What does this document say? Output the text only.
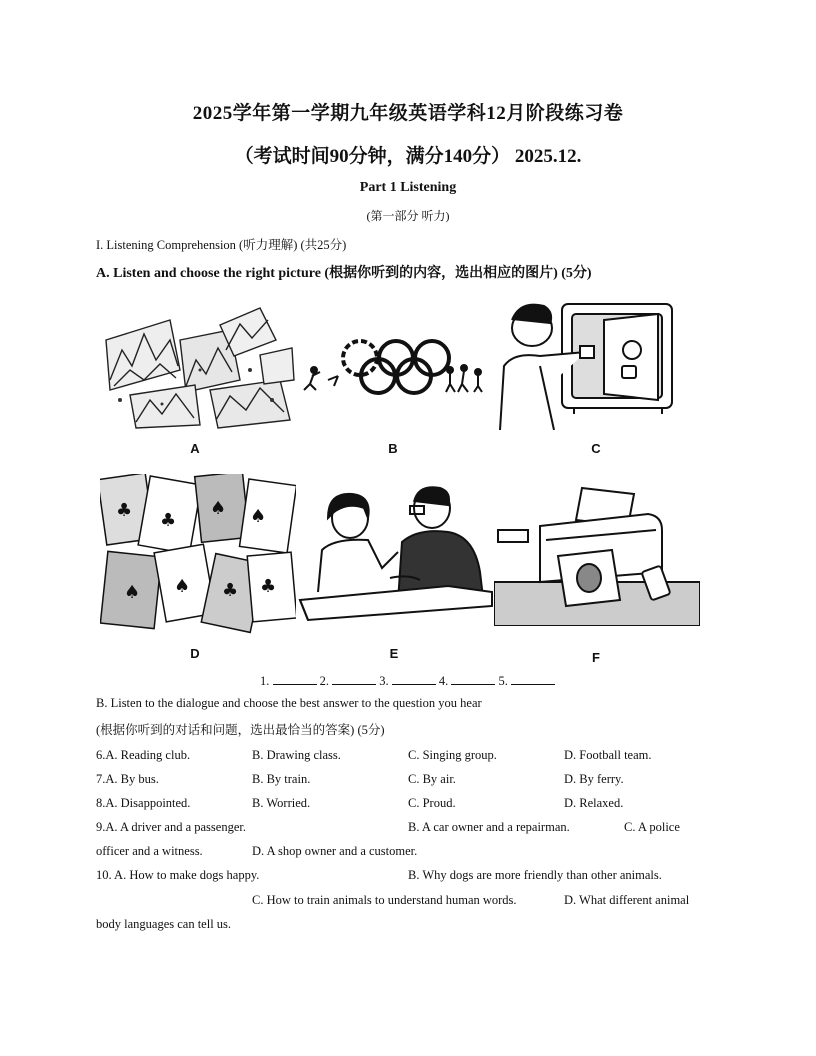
2025学年第一学期九年级英语学科12月阶段练习卷
（考试时间90分钟，满分140分） 2025.12.
Part 1 Listening
(第一部分 听力)
I. Listening Comprehension (听力理解) (共25分)
A. Listen and choose the right picture (根据你听到的内容，选出相应的图片) (5分)
A	B	C
♠
♣
♣
♠	♣
♠
♠	♣
D	E	F
1.	2.	3.	4.	5.
B. Listen to the dialogue and choose the best answer to the question you hear
(根据你听到的对话和问题，选出最恰当的答案) (5分)
6.A. Reading club.	B. Drawing class.	C. Singing group.	D. Football team.
7.A. By bus.	B. By train.	C. By air.	D. By ferry.
8.A. Disappointed.	B. Worried.	C. Proud.	D. Relaxed.
9.A. A driver and a passenger.	B. A car owner and a repairman.	C. A police
officer and a witness.	D. A shop owner and a customer.
10. A. How to make dogs happy.	B. Why dogs are more friendly than other animals.
C. How to train animals to understand human words.	D. What different animal
body languages can tell us.
